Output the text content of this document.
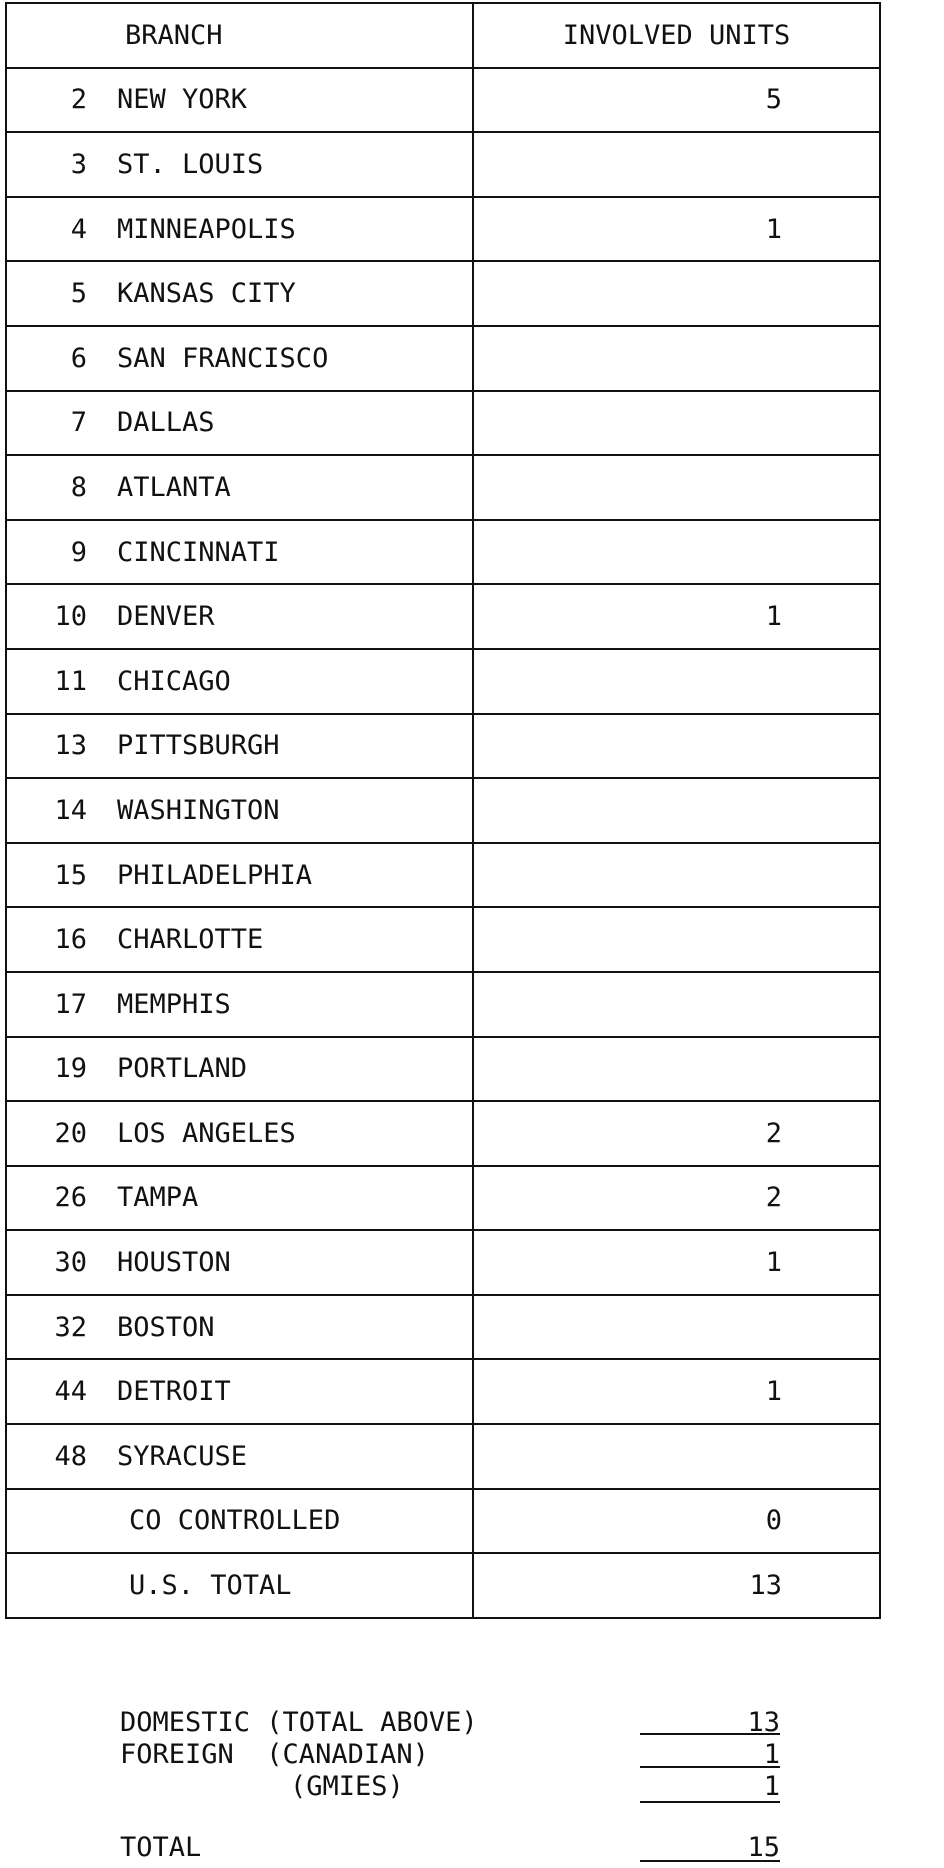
BRANCH	INVOLVED UNITS
2 NEW YORK	5
3 ST. LOUIS	
4 MINNEAPOLIS	1
5 KANSAS CITY	
6 SAN FRANCISCO	
7 DALLAS	
8 ATLANTA	
9 CINCINNATI	
10 DENVER	1
11 CHICAGO	
13 PITTSBURGH	
14 WASHINGTON	
15 PHILADELPHIA	
16 CHARLOTTE	
17 MEMPHIS	
19 PORTLAND	
20 LOS ANGELES	2
26 TAMPA	2
30 HOUSTON	1
32 BOSTON	
44 DETROIT	1
48 SYRACUSE	
CO CONTROLLED	0
U.S. TOTAL	13
DOMESTIC (TOTAL ABOVE)	13
FOREIGN  (CANADIAN)	1
(GMIES)	1
TOTAL	15
